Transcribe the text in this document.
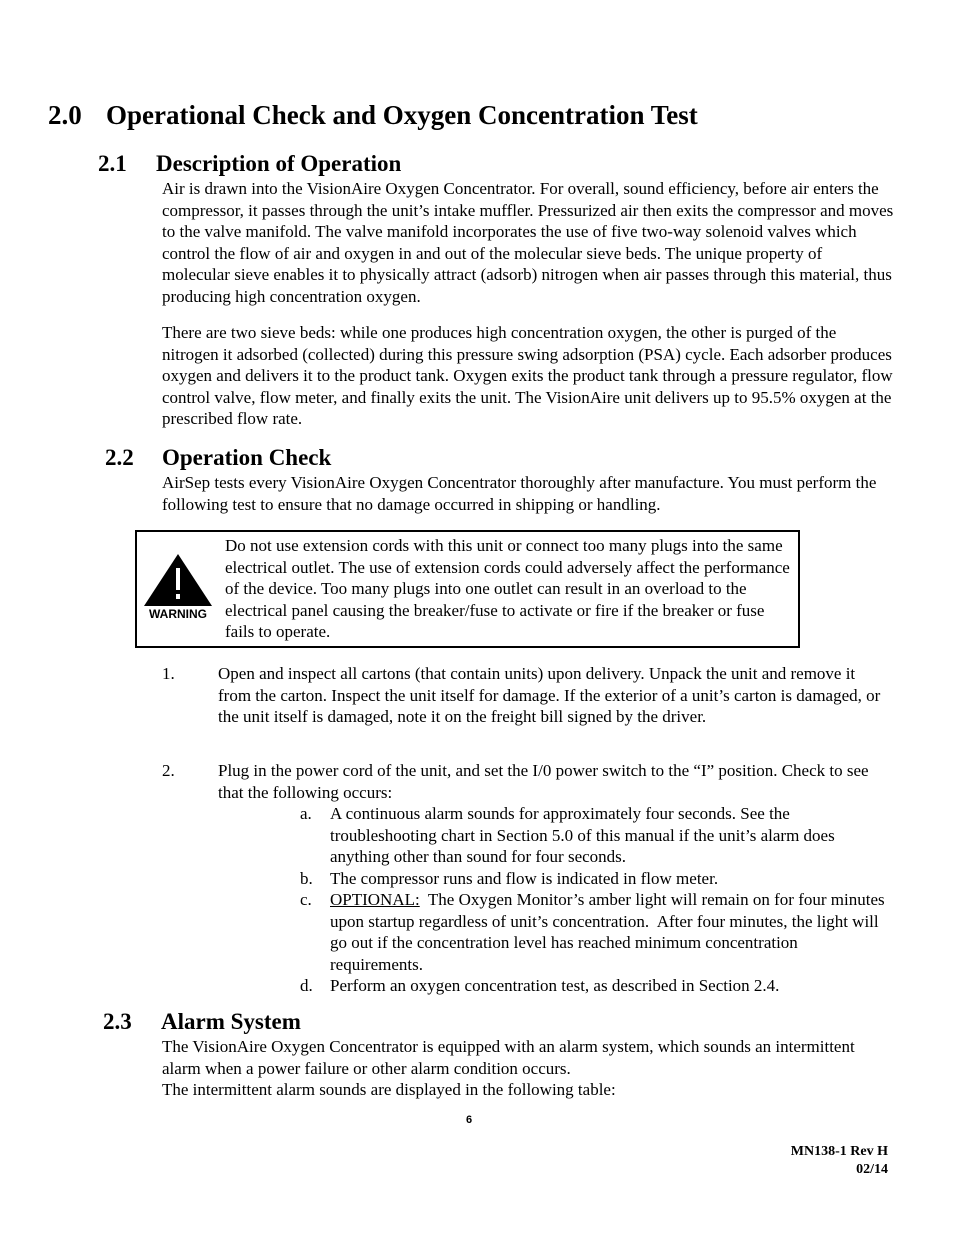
2.0 Operational Check and Oxygen Concentration Test
2.1 Description of Operation

Air is drawn into the VisionAire Oxygen Concentrator. For overall, sound efficiency, before air enters the compressor, it passes through the unit’s intake muffler. Pressurized air then exits the compressor and moves to the valve manifold. The valve manifold incorporates the use of five two-way solenoid valves which control the flow of air and oxygen in and out of the molecular sieve beds. The unique property of molecular sieve enables it to physically attract (adsorb) nitrogen when air passes through this material, thus producing high concentration oxygen.

There are two sieve beds: while one produces high concentration oxygen, the other is purged of the nitrogen it adsorbed (collected) during this pressure swing adsorption (PSA) cycle. Each adsorber produces oxygen and delivers it to the product tank. Oxygen exits the product tank through a pressure regulator, flow control valve, flow meter, and finally exits the unit. The VisionAire unit delivers up to 95.5% oxygen at the prescribed flow rate.

2.2 Operation Check

AirSep tests every VisionAire Oxygen Concentrator thoroughly after manufacture. You must perform the following test to ensure that no damage occurred in shipping or handling.

WARNING

Do not use extension cords with this unit or connect too many plugs into the same electrical outlet. The use of extension cords could adversely affect the performance of the device. Too many plugs into one outlet can result in an overload to the electrical panel causing the breaker/fuse to activate or fire if the breaker or fuse fails to operate.

1.	Open and inspect all cartons (that contain units) upon delivery. Unpack the unit and remove it from the carton. Inspect the unit itself for damage. If the exterior of a unit’s carton is damaged, or the unit itself is damaged, note it on the freight bill signed by the driver.
2.	Plug in the power cord of the unit, and set the I/0 power switch to the “I” position. Check to see that the following occurs:
a. A continuous alarm sounds for approximately four seconds. See the troubleshooting chart in Section 5.0 of this manual if the unit’s alarm does anything other than sound for four seconds.
b. The compressor runs and flow is indicated in flow meter.
c. OPTIONAL:  The Oxygen Monitor’s amber light will remain on for four minutes upon startup regardless of unit’s concentration.  After four minutes, the light will go out if the concentration level has reached minimum concentration requirements.
d. Perform an oxygen concentration test, as described in Section 2.4.
2.3 Alarm System

The VisionAire Oxygen Concentrator is equipped with an alarm system, which sounds an intermittent alarm when a power failure or other alarm condition occurs.

The intermittent alarm sounds are displayed in the following table:

6
MN138-1 Rev H
02/14
